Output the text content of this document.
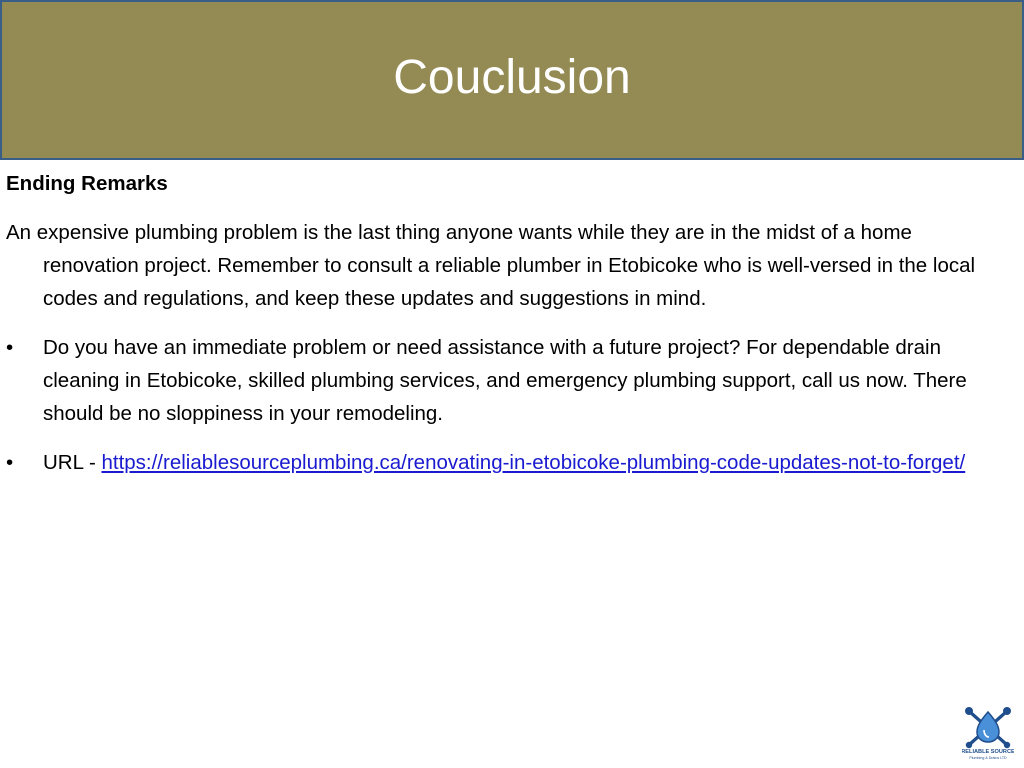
Couclusion

Ending Remarks

An expensive plumbing problem is the last thing anyone wants while they are in the midst of a home renovation project. Remember to consult a reliable plumber in Etobicoke who is well-versed in the local codes and regulations, and keep these updates and suggestions in mind.

•	Do you have an immediate problem or need assistance with a future project? For dependable drain cleaning in Etobicoke, skilled plumbing services, and emergency plumbing support, call us now. There should be no sloppiness in your remodeling.
•	URL - https://reliablesourceplumbing.ca/renovating-in-etobicoke-plumbing-code-updates-not-to-forget/
RELIABLE SOURCE
Plumbing & Drains LTD
